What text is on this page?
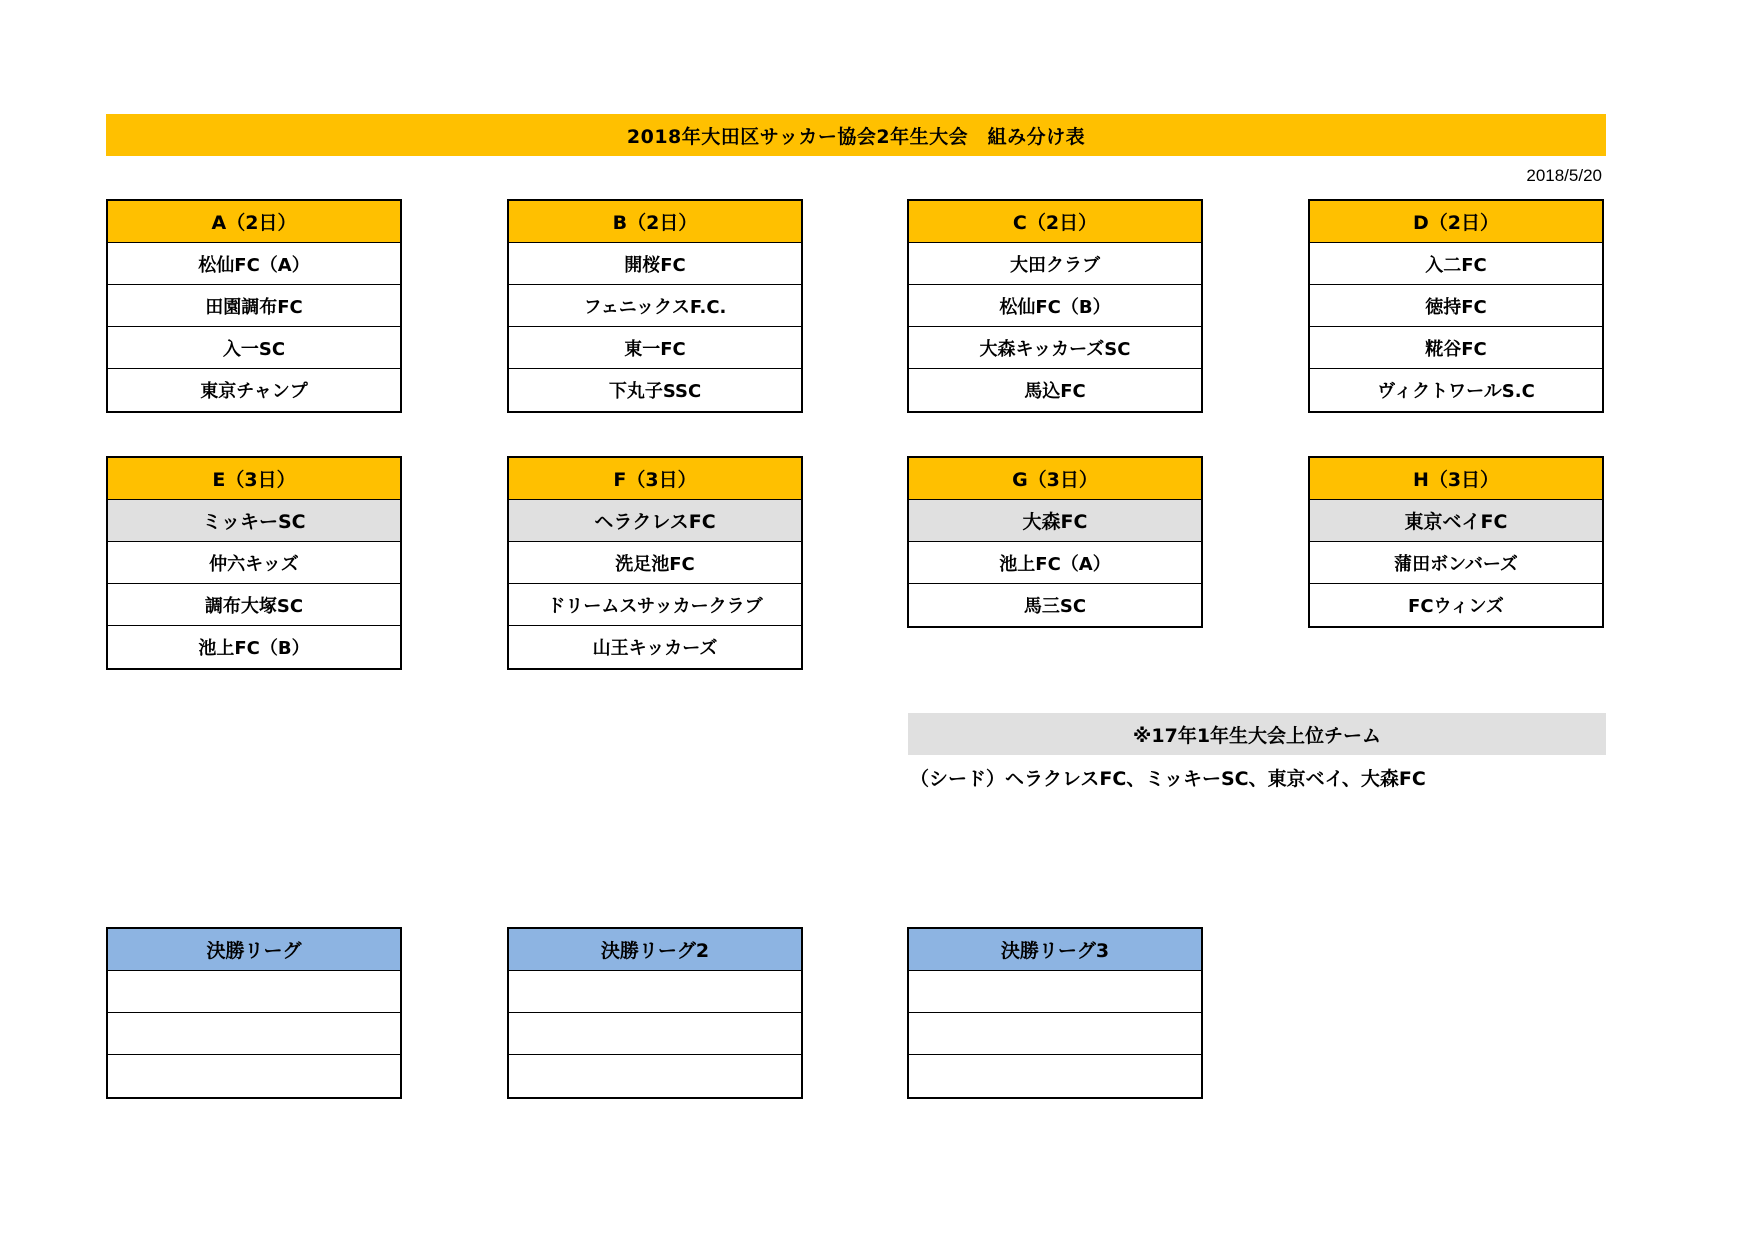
2018年大田区サッカー協会2年生大会　組み分け表
2018/5/20
A（2日）
松仙FC（A）
田園調布FC
入一SC
東京チャンプ
B（2日）
開桜FC
フェニックスF.C.
東一FC
下丸子SSC
C（2日）
大田クラブ
松仙FC（B）
大森キッカーズSC
馬込FC
D（2日）
入二FC
徳持FC
糀谷FC
ヴィクトワールS.C
E（3日）
ミッキーSC
仲六キッズ
調布大塚SC
池上FC（B）
F（3日）
ヘラクレスFC
洗足池FC
ドリームスサッカークラブ
山王キッカーズ
G（3日）
大森FC
池上FC（A）
馬三SC
H（3日）
東京ベイFC
蒲田ボンバーズ
FCウィンズ
※17年1年生大会上位チーム
（シード）ヘラクレスFC、ミッキーSC、東京ベイ、大森FC
決勝リーグ	決勝リーグ2	決勝リーグ3
